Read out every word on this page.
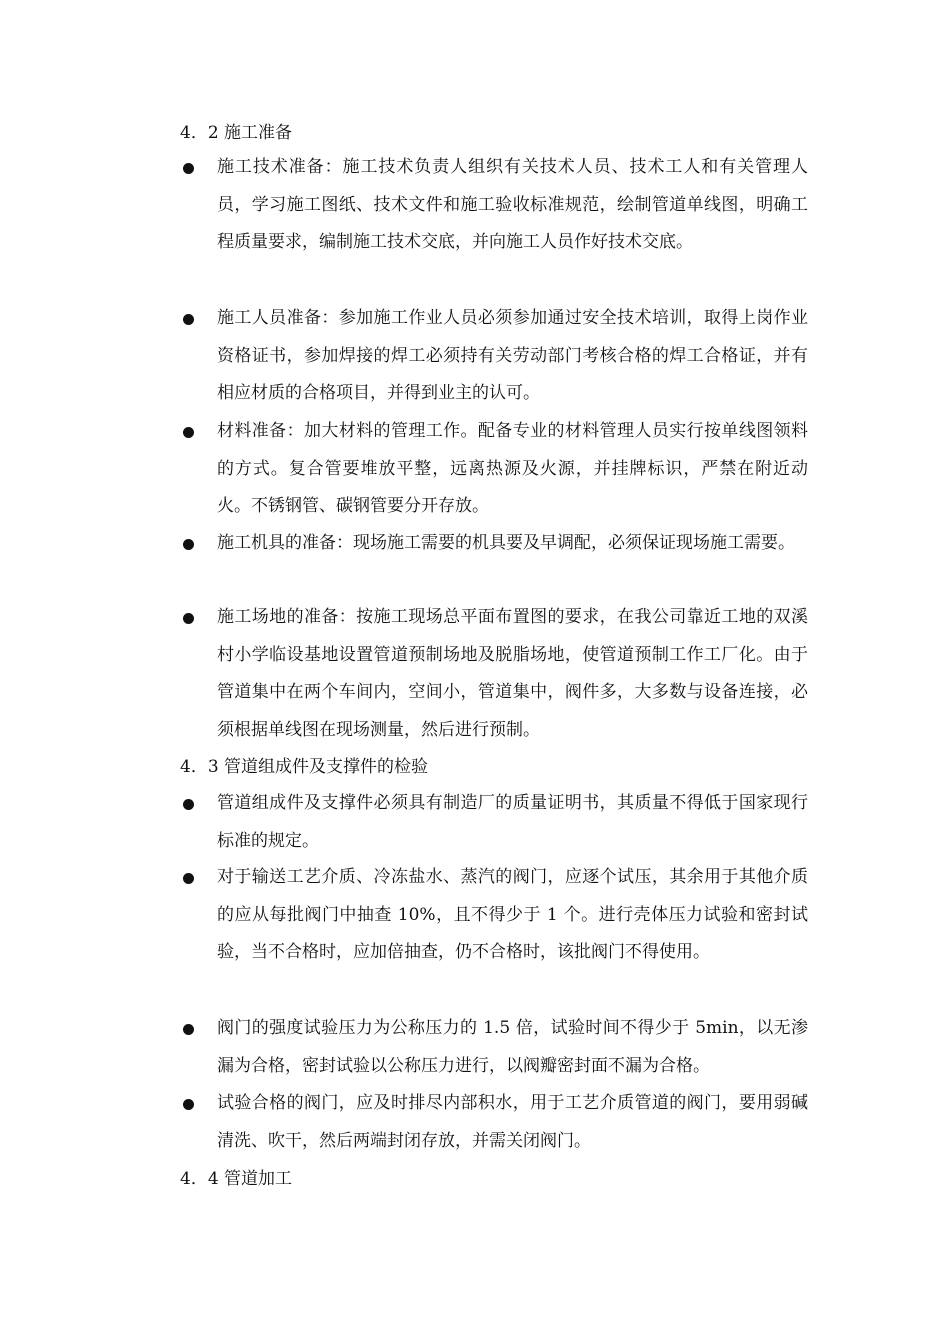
4．2 施工准备

施工技术准备：施工技术负责人组织有关技术人员、技术工人和有关管理人员，学习施工图纸、技术文件和施工验收标准规范，绘制管道单线图，明确工程质量要求，编制施工技术交底，并向施工人员作好技术交底。

施工人员准备：参加施工作业人员必须参加通过安全技术培训，取得上岗作业资格证书，参加焊接的焊工必须持有关劳动部门考核合格的焊工合格证，并有相应材质的合格项目，并得到业主的认可。

材料准备：加大材料的管理工作。配备专业的材料管理人员实行按单线图领料的方式。复合管要堆放平整，远离热源及火源，并挂牌标识，严禁在附近动火。不锈钢管、碳钢管要分开存放。

施工机具的准备：现场施工需要的机具要及早调配，必须保证现场施工需要。

施工场地的准备：按施工现场总平面布置图的要求，在我公司靠近工地的双溪村小学临设基地设置管道预制场地及脱脂场地，使管道预制工作工厂化。由于管道集中在两个车间内，空间小，管道集中，阀件多，大多数与设备连接，必须根据单线图在现场测量，然后进行预制。

4．3 管道组成件及支撑件的检验

管道组成件及支撑件必须具有制造厂的质量证明书，其质量不得低于国家现行标准的规定。

对于输送工艺介质、冷冻盐水、蒸汽的阀门，应逐个试压，其余用于其他介质的应从每批阀门中抽查 10%，且不得少于 1 个。进行壳体压力试验和密封试验，当不合格时，应加倍抽查，仍不合格时，该批阀门不得使用。

阀门的强度试验压力为公称压力的 1.5 倍，试验时间不得少于 5min，以无渗漏为合格，密封试验以公称压力进行，以阀瓣密封面不漏为合格。

试验合格的阀门，应及时排尽内部积水，用于工艺介质管道的阀门，要用弱碱清洗、吹干，然后两端封闭存放，并需关闭阀门。

4．4 管道加工
